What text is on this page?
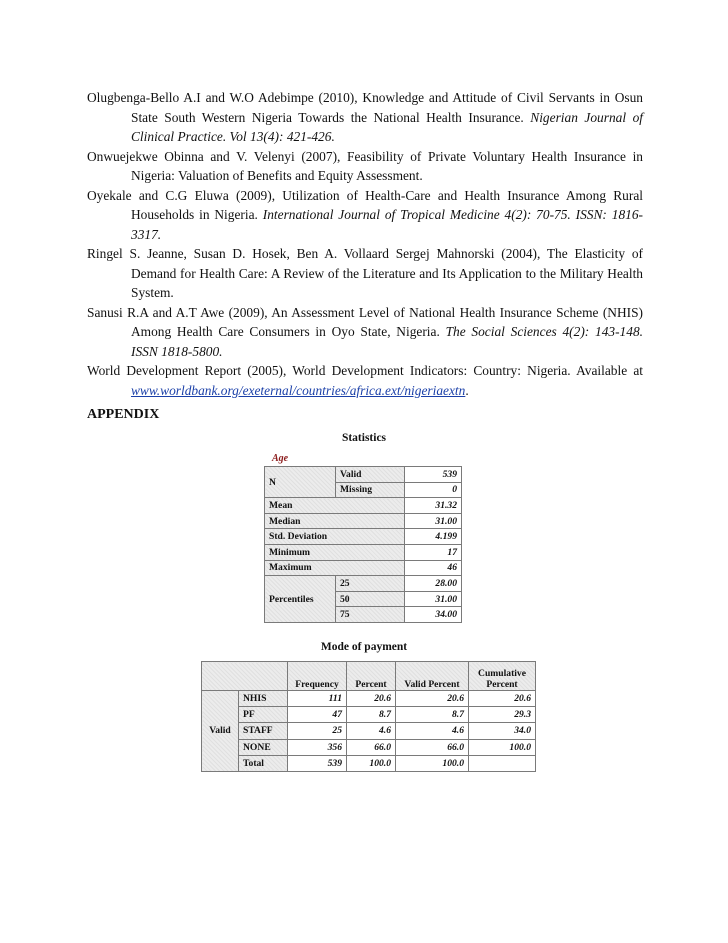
Olugbenga-Bello A.I and W.O Adebimpe (2010), Knowledge and Attitude of Civil Servants in Osun State South Western Nigeria Towards the National Health Insurance. Nigerian Journal of Clinical Practice. Vol 13(4): 421-426.

Onwuejekwe Obinna and V. Velenyi (2007), Feasibility of Private Voluntary Health Insurance in Nigeria: Valuation of Benefits and Equity Assessment.

Oyekale and C.G Eluwa (2009), Utilization of Health-Care and Health Insurance Among Rural Households in Nigeria. International Journal of Tropical Medicine 4(2): 70-75. ISSN: 1816-3317.

Ringel S. Jeanne, Susan D. Hosek, Ben A. Vollaard Sergej Mahnorski (2004), The Elasticity of Demand for Health Care: A Review of the Literature and Its Application to the Military Health System.

Sanusi R.A and A.T Awe (2009), An Assessment Level of National Health Insurance Scheme (NHIS) Among Health Care Consumers in Oyo State, Nigeria. The Social Sciences 4(2): 143-148. ISSN 1818-5800.

World Development Report (2005), World Development Indicators: Country: Nigeria. Available at www.worldbank.org/exeternal/countries/africa.ext/nigeriaextn.

APPENDIX
Statistics
Age
N	Valid	539
	Missing	0
Mean		31.32
Median		31.00
Std. Deviation		4.199
Minimum		17
Maximum		46
Percentiles	25	28.00
	50	31.00
	75	34.00
Mode of payment
		Frequency	Percent	Valid Percent	Cumulative Percent
Valid	NHIS	111	20.6	20.6	20.6
	PF	47	8.7	8.7	29.3
	STAFF	25	4.6	4.6	34.0
	NONE	356	66.0	66.0	100.0
	Total	539	100.0	100.0	
